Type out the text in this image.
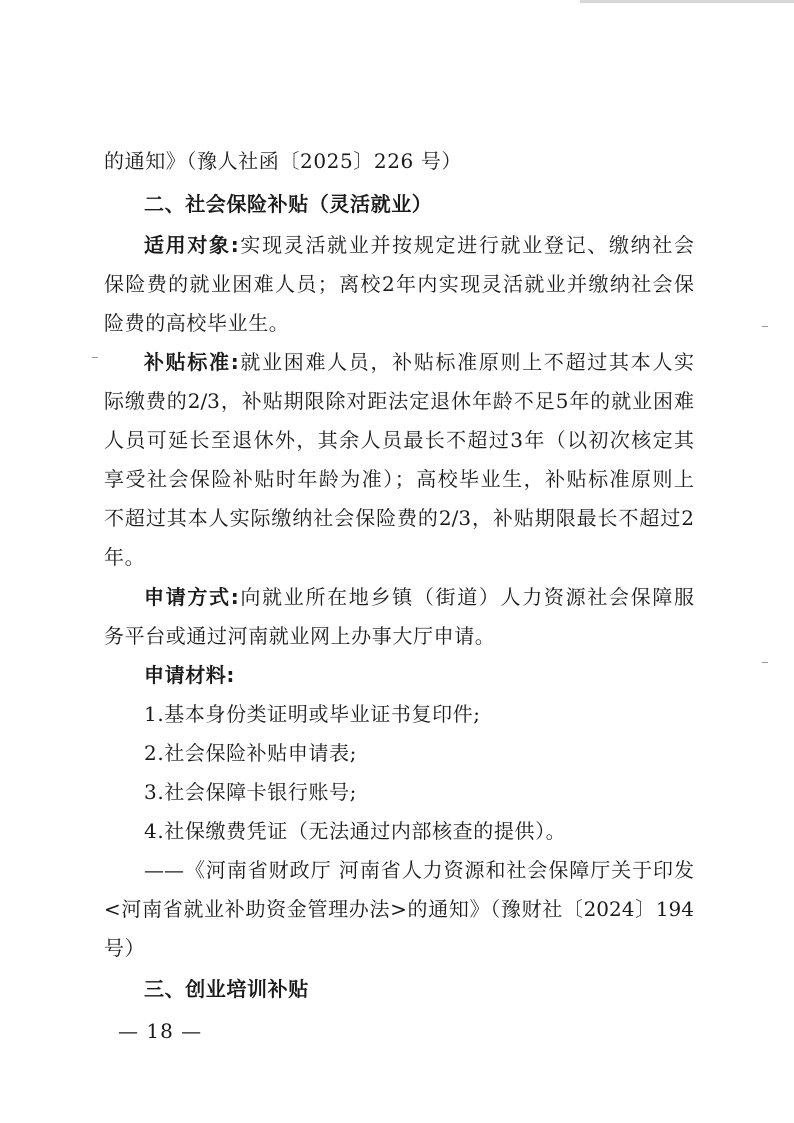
的通知》（豫人社函〔2025〕226 号）
二、社会保险补贴（灵活就业）
适用对象:实现灵活就业并按规定进行就业登记、缴纳社会
保险费的就业困难人员；离校2年内实现灵活就业并缴纳社会保
险费的高校毕业生。
补贴标准:就业困难人员，补贴标准原则上不超过其本人实
际缴费的2/3，补贴期限除对距法定退休年龄不足5年的就业困难
人员可延长至退休外，其余人员最长不超过3年（以初次核定其
享受社会保险补贴时年龄为准）；高校毕业生，补贴标准原则上
不超过其本人实际缴纳社会保险费的2/3，补贴期限最长不超过2
年。
申请方式:向就业所在地乡镇（街道）人力资源社会保障服
务平台或通过河南就业网上办事大厅申请。
申请材料:
1.基本身份类证明或毕业证书复印件;
2.社会保险补贴申请表;
3.社会保障卡银行账号;
4.社保缴费凭证（无法通过内部核查的提供）。
——《河南省财政厅 河南省人力资源和社会保障厅关于印发
<河南省就业补助资金管理办法>的通知》（豫财社〔2024〕194
号）
三、创业培训补贴
— 18 —
